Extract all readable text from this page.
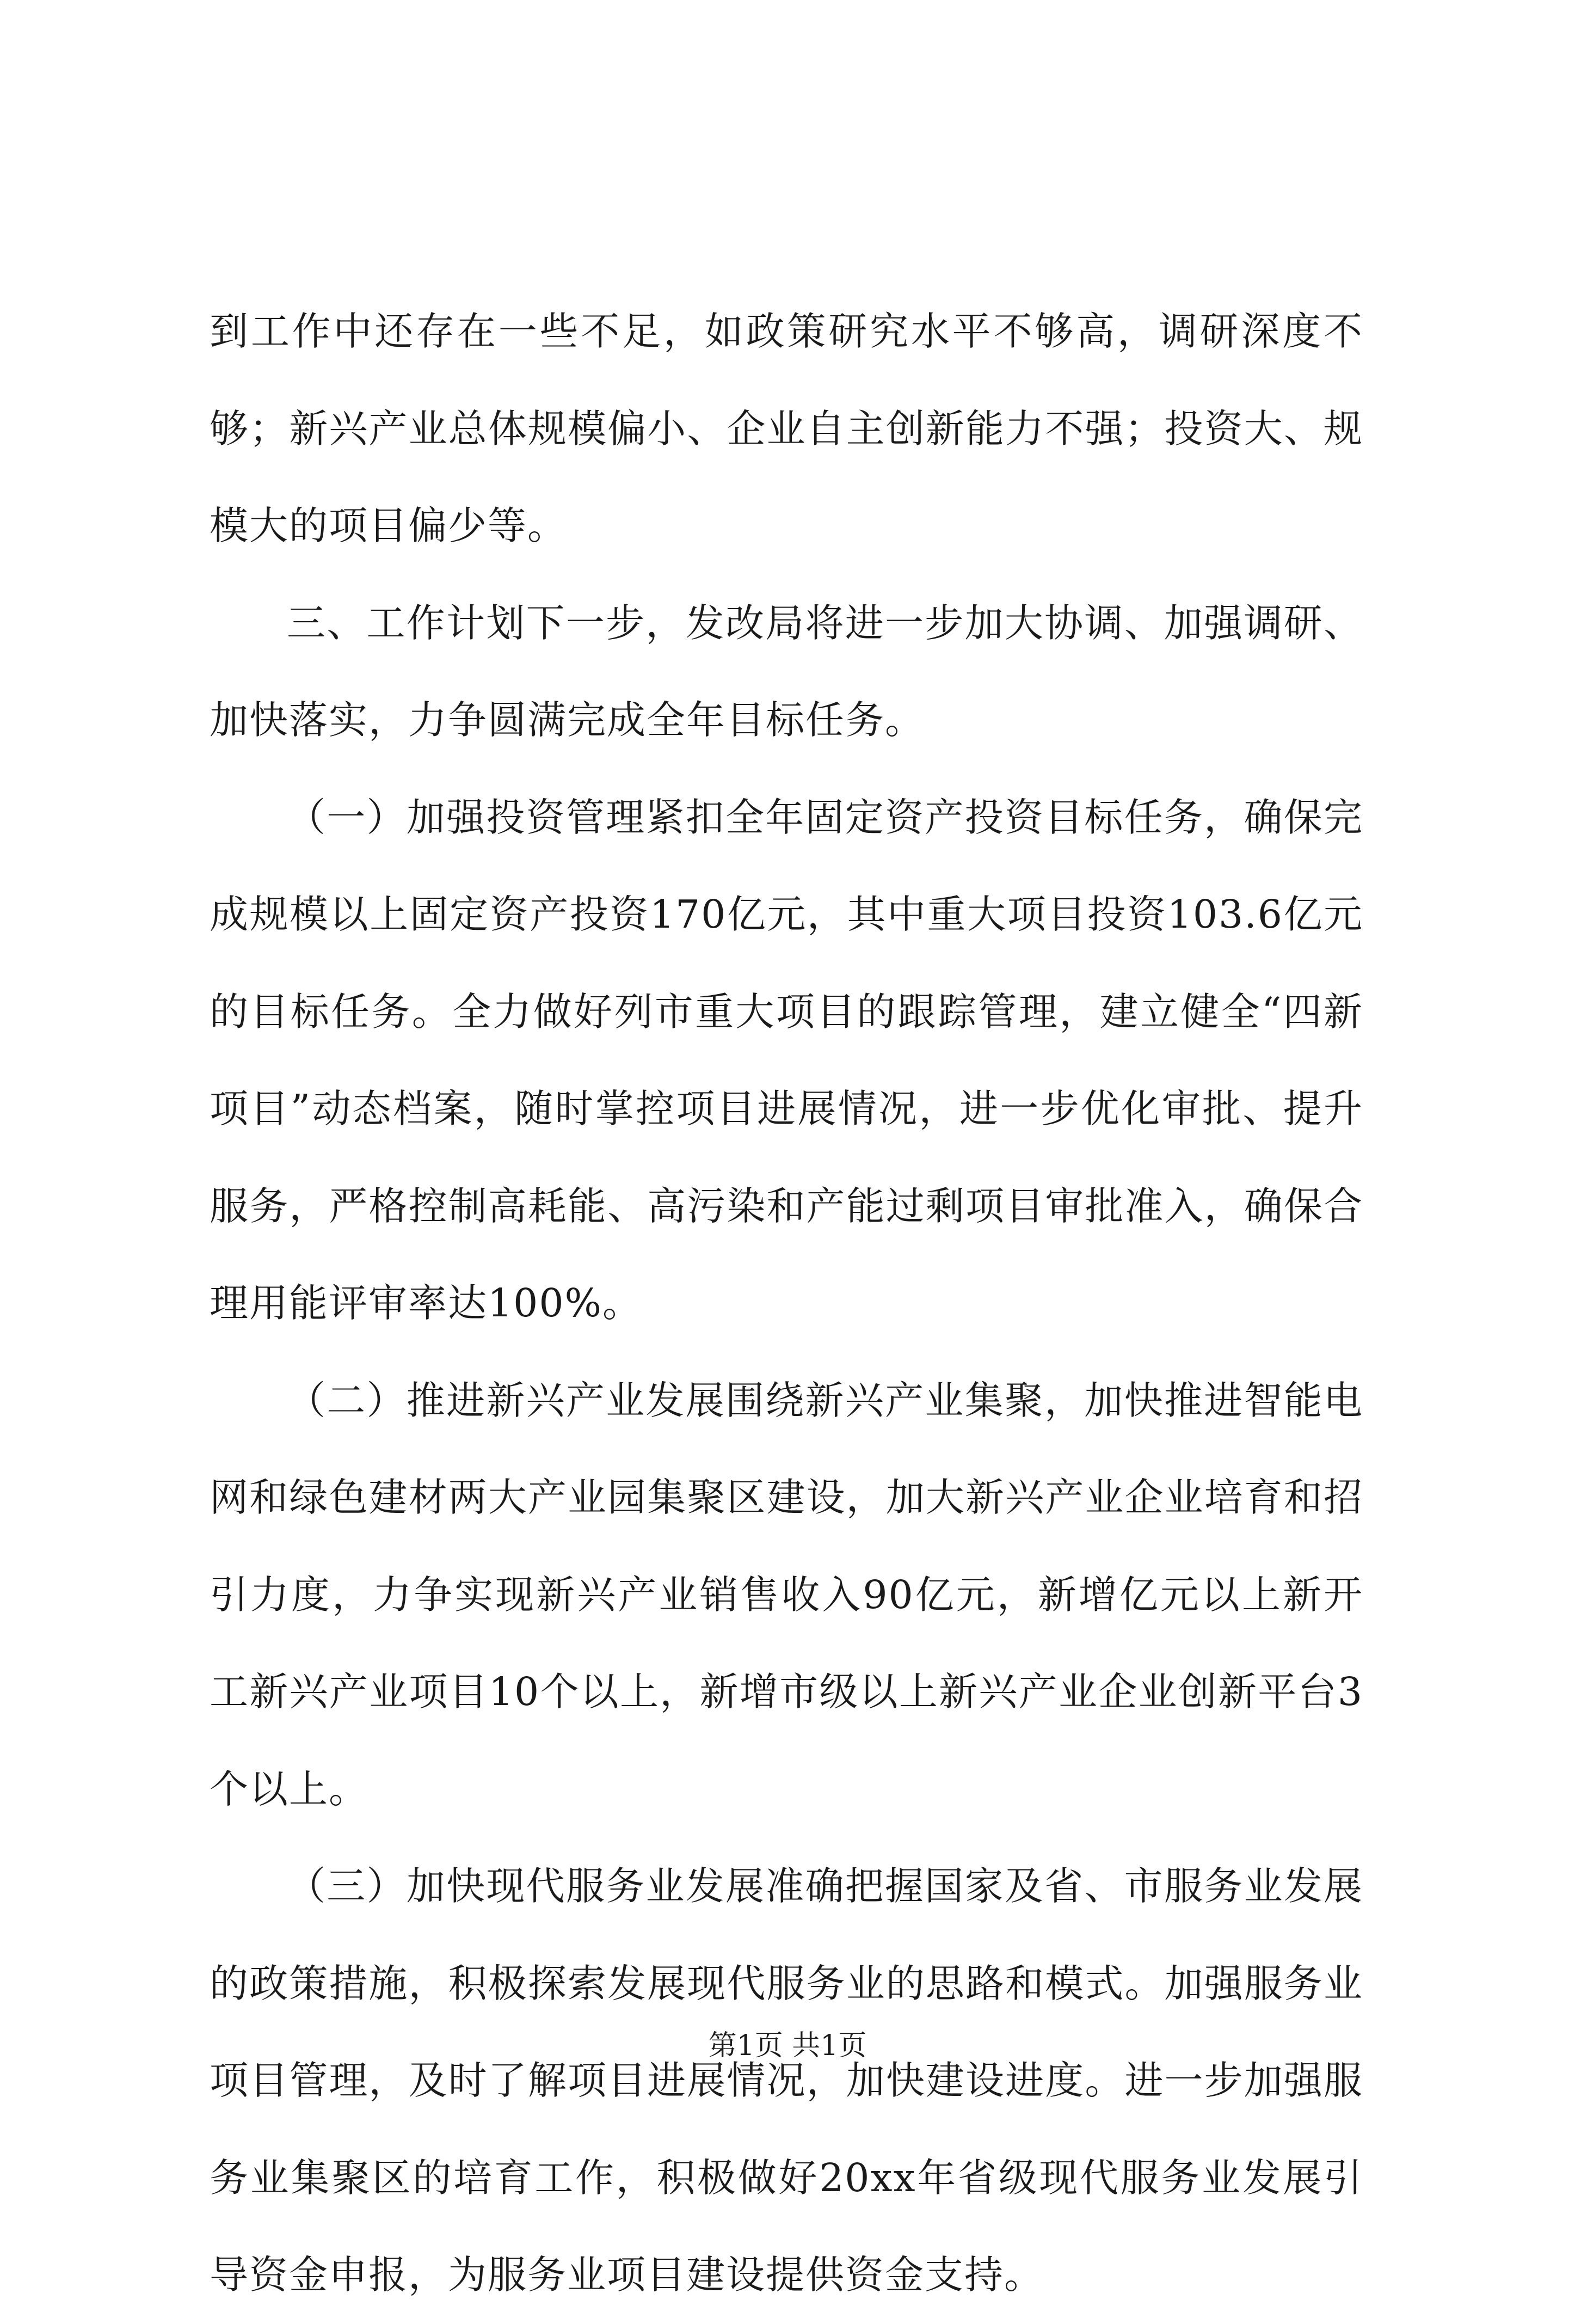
到工作中还存在一些不足，如政策研究水平不够高，调研深度不够；新兴产业总体规模偏小、企业自主创新能力不强；投资大、规模大的项目偏少等。

三、工作计划下一步，发改局将进一步加大协调、加强调研、加快落实，力争圆满完成全年目标任务。

（一）加强投资管理紧扣全年固定资产投资目标任务，确保完成规模以上固定资产投资170亿元，其中重大项目投资103.6亿元的目标任务。全力做好列市重大项目的跟踪管理，建立健全“四新项目”动态档案，随时掌控项目进展情况，进一步优化审批、提升服务，严格控制高耗能、高污染和产能过剩项目审批准入，确保合理用能评审率达100%。

（二）推进新兴产业发展围绕新兴产业集聚，加快推进智能电网和绿色建材两大产业园集聚区建设，加大新兴产业企业培育和招引力度，力争实现新兴产业销售收入90亿元，新增亿元以上新开工新兴产业项目10个以上，新增市级以上新兴产业企业创新平台3个以上。

（三）加快现代服务业发展准确把握国家及省、市服务业发展的政策措施，积极探索发展现代服务业的思路和模式。加强服务业项目管理，及时了解项目进展情况，加快建设进度。进一步加强服务业集聚区的培育工作，积极做好20xx年省级现代服务业发展引导资金申报，为服务业项目建设提供资金支持。

第1页 共1页
